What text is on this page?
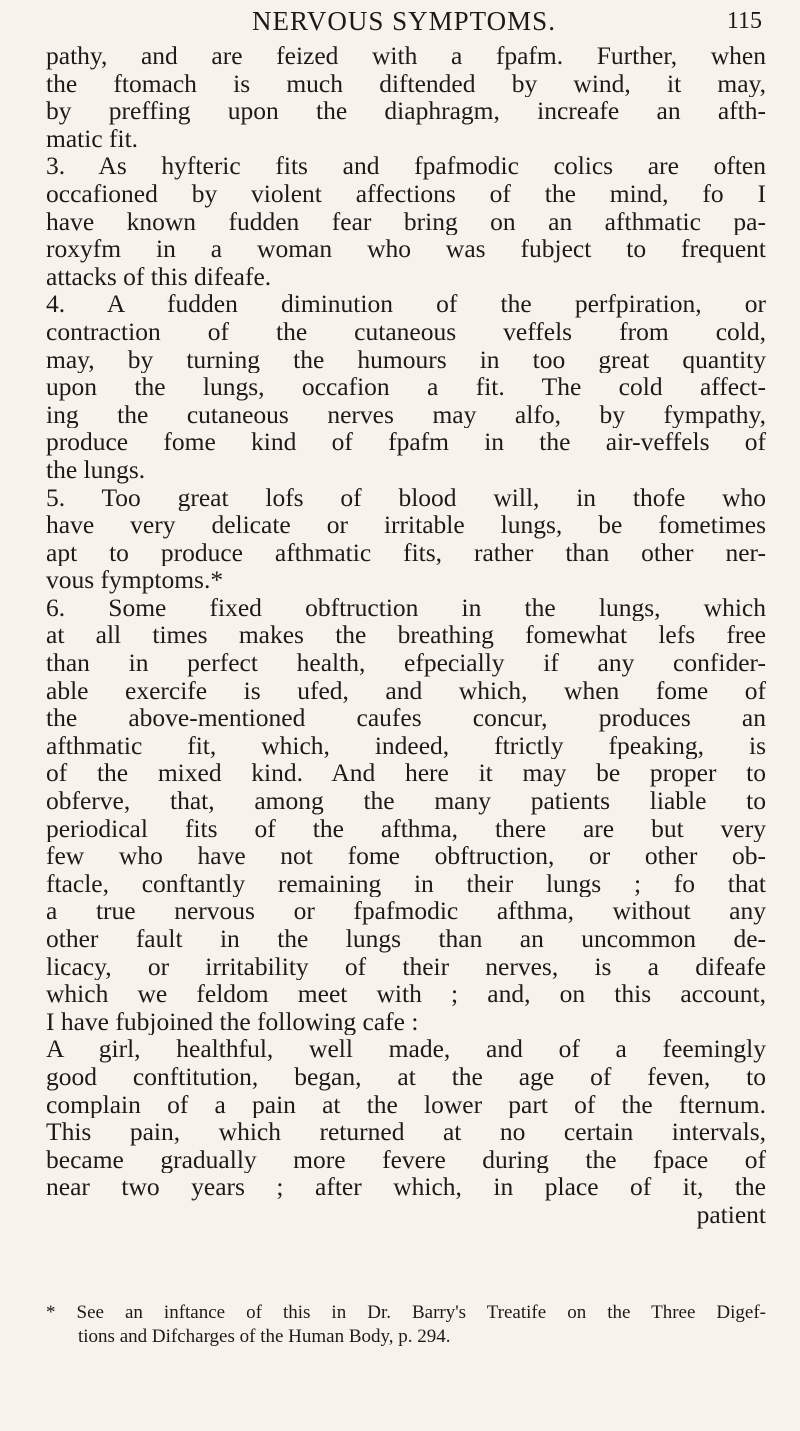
NERVOUS SYMPTOMS.	115
pathy, and are feized with a fpafm. Further, when
the ftomach is much diftended by wind, it may,
by preffing upon the diaphragm, increafe an afth-
matic fit.
3. As hyfteric fits and fpafmodic colics are often
occafioned by violent affections of the mind, fo I
have known fudden fear bring on an afthmatic pa-
roxyfm in a woman who was fubject to frequent
attacks of this difeafe.
4. A fudden diminution of the perfpiration, or
contraction of the cutaneous veffels from cold,
may, by turning the humours in too great quantity
upon the lungs, occafion a fit. The cold affect-
ing the cutaneous nerves may alfo, by fympathy,
produce fome kind of fpafm in the air-veffels of
the lungs.
5. Too great lofs of blood will, in thofe who
have very delicate or irritable lungs, be fometimes
apt to produce afthmatic fits, rather than other ner-
vous fymptoms.*
6. Some fixed obftruction in the lungs, which
at all times makes the breathing fomewhat lefs free
than in perfect health, efpecially if any confider-
able exercife is ufed, and which, when fome of
the above-mentioned caufes concur, produces an
afthmatic fit, which, indeed, ftrictly fpeaking, is
of the mixed kind. And here it may be proper to
obferve, that, among the many patients liable to
periodical fits of the afthma, there are but very
few who have not fome obftruction, or other ob-
ftacle, conftantly remaining in their lungs ; fo that
a true nervous or fpafmodic afthma, without any
other fault in the lungs than an uncommon de-
licacy, or irritability of their nerves, is a difeafe
which we feldom meet with ; and, on this account,
I have fubjoined the following cafe :
A girl, healthful, well made, and of a feemingly
good conftitution, began, at the age of feven, to
complain of a pain at the lower part of the fternum.
This pain, which returned at no certain intervals,
became gradually more fevere during the fpace of
near two years ; after which, in place of it, the
patient
* See an inftance of this in Dr. Barry's Treatife on the Three Digef-
tions and Difcharges of the Human Body, p. 294.
